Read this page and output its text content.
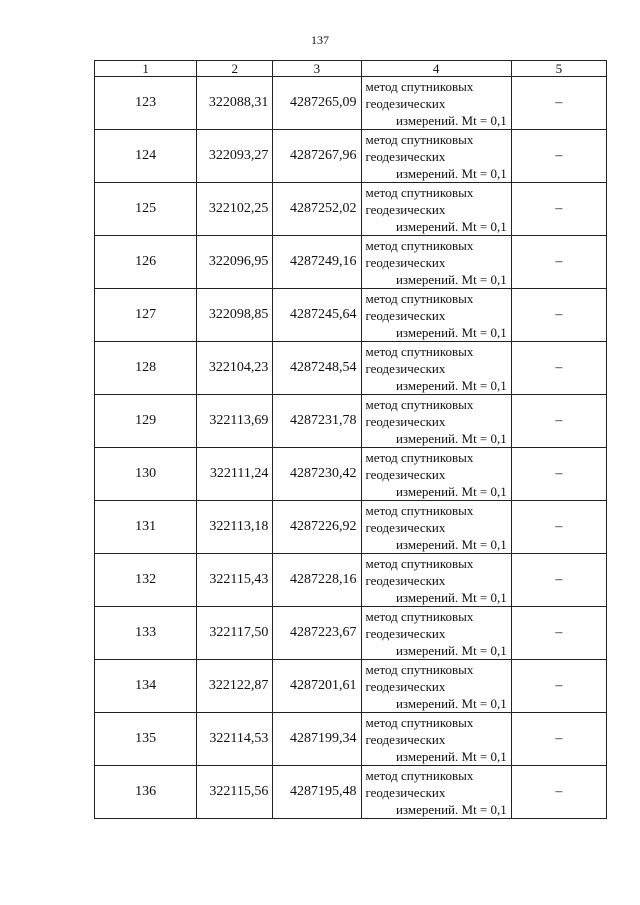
137
1	2	3	4	5
123	322088,31	4287265,09	метод спутниковых
геодезических
измерений. Mt = 0,1	–
124	322093,27	4287267,96	метод спутниковых
геодезических
измерений. Mt = 0,1	–
125	322102,25	4287252,02	метод спутниковых
геодезических
измерений. Mt = 0,1	–
126	322096,95	4287249,16	метод спутниковых
геодезических
измерений. Mt = 0,1	–
127	322098,85	4287245,64	метод спутниковых
геодезических
измерений. Mt = 0,1	–
128	322104,23	4287248,54	метод спутниковых
геодезических
измерений. Mt = 0,1	–
129	322113,69	4287231,78	метод спутниковых
геодезических
измерений. Mt = 0,1	–
130	322111,24	4287230,42	метод спутниковых
геодезических
измерений. Mt = 0,1	–
131	322113,18	4287226,92	метод спутниковых
геодезических
измерений. Mt = 0,1	–
132	322115,43	4287228,16	метод спутниковых
геодезических
измерений. Mt = 0,1	–
133	322117,50	4287223,67	метод спутниковых
геодезических
измерений. Mt = 0,1	–
134	322122,87	4287201,61	метод спутниковых
геодезических
измерений. Mt = 0,1	–
135	322114,53	4287199,34	метод спутниковых
геодезических
измерений. Mt = 0,1	–
136	322115,56	4287195,48	метод спутниковых
геодезических
измерений. Mt = 0,1	–
